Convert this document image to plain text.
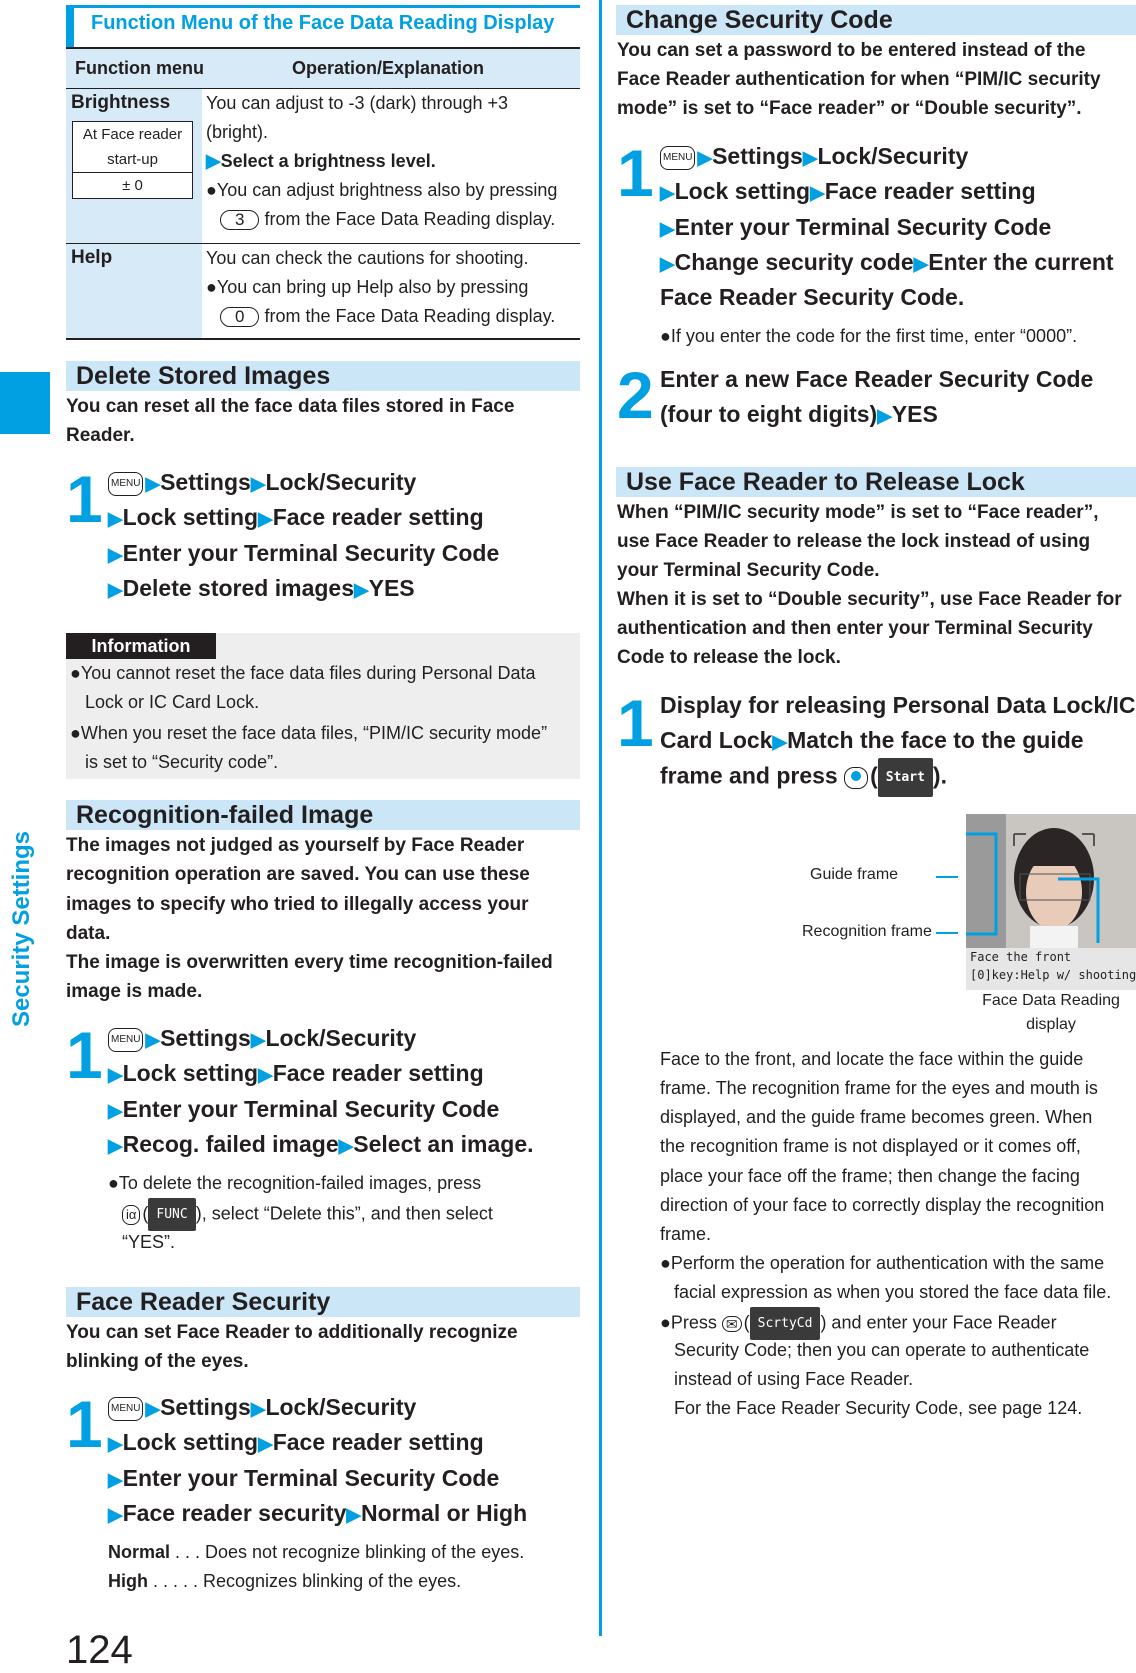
Security Settings
124
Function Menu of the Face Data Reading Display
Function menu	Operation/Explanation
Brightness
At Face reader
start-up
± 0
You can adjust to -3 (dark) through +3
(bright).
▶Select a brightness level.
●You can adjust brightness also by pressing
3 from the Face Data Reading display.
Help	You can check the cautions for shooting.
●You can bring up Help also by pressing
0 from the Face Data Reading display.
Delete Stored Images
You can reset all the face data files stored in Face
Reader.
1 MENU ▶Settings▶Lock/Security
▶Lock setting▶Face reader setting
▶Enter your Terminal Security Code
▶Delete stored images▶YES
Information
●You cannot reset the face data files during Personal Data
Lock or IC Card Lock.
●When you reset the face data files, “PIM/IC security mode”
is set to “Security code”.
Recognition-failed Image
The images not judged as yourself by Face Reader
recognition operation are saved. You can use these
images to specify who tried to illegally access your
data.
The image is overwritten every time recognition-failed
image is made.
1 MENU ▶Settings▶Lock/Security
▶Lock setting▶Face reader setting
▶Enter your Terminal Security Code
▶Recog. failed image▶Select an image.
●To delete the recognition-failed images, press
iα ( FUNC ), select “Delete this”, and then select
“YES”.
Face Reader Security
You can set Face Reader to additionally recognize
blinking of the eyes.
1 MENU ▶Settings▶Lock/Security
▶Lock setting▶Face reader setting
▶Enter your Terminal Security Code
▶Face reader security▶Normal or High
Normal . . . Does not recognize blinking of the eyes.
High . . . . . Recognizes blinking of the eyes.
Change Security Code
You can set a password to be entered instead of the
Face Reader authentication for when “PIM/IC security
mode” is set to “Face reader” or “Double security”.
1 MENU ▶Settings▶Lock/Security
▶Lock setting▶Face reader setting
▶Enter your Terminal Security Code
▶Change security code▶Enter the current
Face Reader Security Code.
●If you enter the code for the first time, enter “0000”.
2 Enter a new Face Reader Security Code
(four to eight digits)▶YES
Use Face Reader to Release Lock
When “PIM/IC security mode” is set to “Face reader”,
use Face Reader to release the lock instead of using
your Terminal Security Code.
When it is set to “Double security”, use Face Reader for
authentication and then enter your Terminal Security
Code to release the lock.
1 Display for releasing Personal Data Lock/IC
Card Lock▶Match the face to the guide
frame and press ( Start ).
Guide frame
Recognition frame
Face the front
[0]key:Help w/ shooting
Face Data Reading
display
Face to the front, and locate the face within the guide
frame. The recognition frame for the eyes and mouth is
displayed, and the guide frame becomes green. When
the recognition frame is not displayed or it comes off,
place your face off the frame; then change the facing
direction of your face to correctly display the recognition
frame.
●Perform the operation for authentication with the same
facial expression as when you stored the face data file.
●Press ✉ ( ScrtyCd ) and enter your Face Reader
Security Code; then you can operate to authenticate
instead of using Face Reader.
For the Face Reader Security Code, see page 124.
